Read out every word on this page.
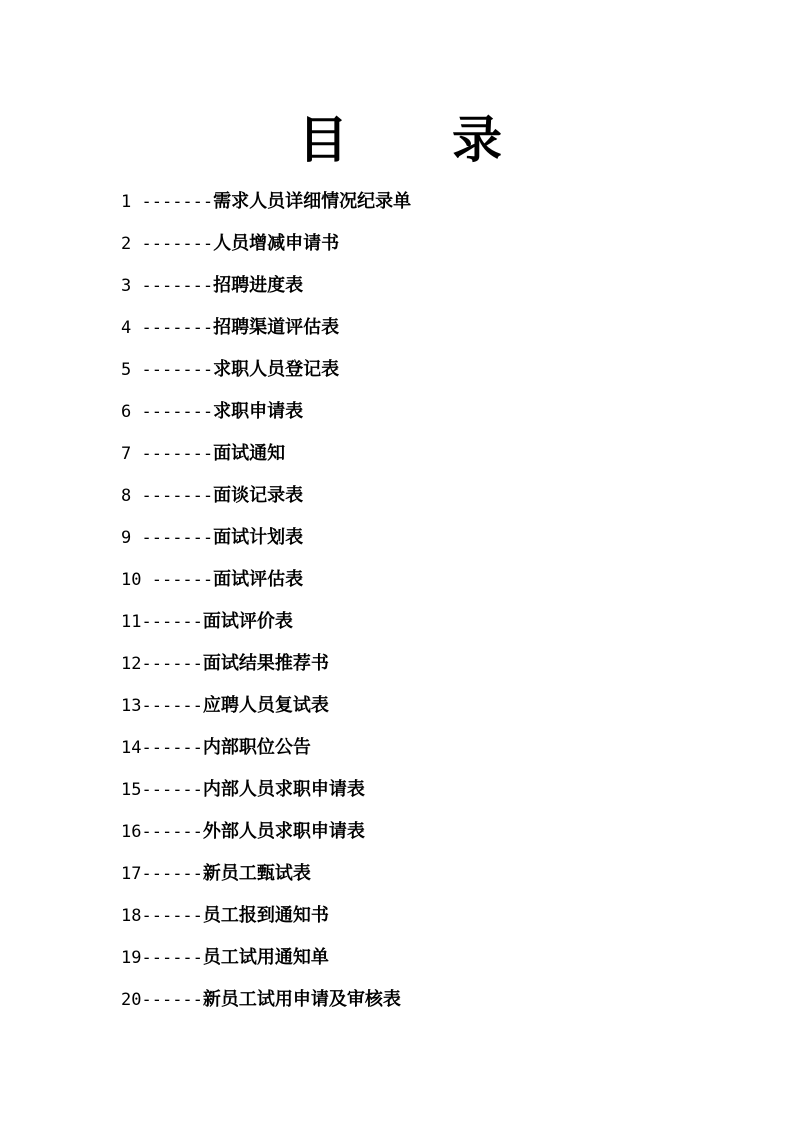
目 录
1 -------需求人员详细情况纪录单
2 -------人员增减申请书
3 -------招聘进度表
4 -------招聘渠道评估表
5 -------求职人员登记表
6 -------求职申请表
7 -------面试通知
8 -------面谈记录表
9 -------面试计划表
10 ------面试评估表
11------面试评价表
12------面试结果推荐书
13------应聘人员复试表
14------内部职位公告
15------内部人员求职申请表
16------外部人员求职申请表
17------新员工甄试表
18------员工报到通知书
19------员工试用通知单
20------新员工试用申请及审核表
